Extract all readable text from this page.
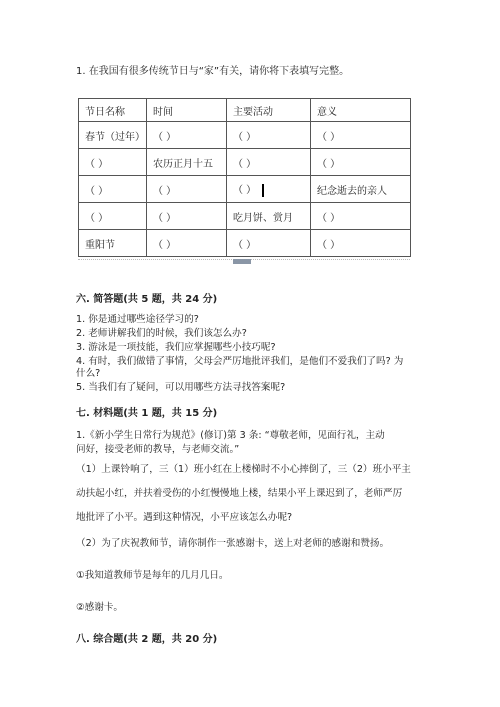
1. 在我国有很多传统节日与“家”有关，请你将下表填写完整。
节日名称	时间	主要活动	意义
春节（过年）	（ ）	（ ）	（ ）
（ ）	农历正月十五	（ ）	（ ）
（ ）	（ ）	（ ）	纪念逝去的亲人
（ ）	（ ）	吃月饼、赏月	（ ）
重阳节	（ ）	（ ）	（ ）
六. 简答题(共 5 题，共 24 分)
1. 你是通过哪些途径学习的?
2. 老师讲解我们的时候，我们该怎么办?
3. 游泳是一项技能，我们应掌握哪些小技巧呢?
4. 有时，我们做错了事情，父母会严厉地批评我们，是他们不爱我们了吗? 为
什么?
5. 当我们有了疑问，可以用哪些方法寻找答案呢?
七. 材料题(共 1 题，共 15 分)
1.《新小学生日常行为规范》(修订)第 3 条: “尊敬老师，见面行礼，主动
问好，接受老师的教导，与老师交流。”
（1）上课铃响了，三（1）班小红在上楼梯时不小心摔倒了，三（2）班小平主
动扶起小红，并扶着受伤的小红慢慢地上楼，结果小平上课迟到了，老师严厉
地批评了小平。遇到这种情况，小平应该怎么办呢?
（2）为了庆祝教师节，请你制作一张感谢卡，送上对老师的感谢和赞扬。
①我知道教师节是每年的几月几日。
②感谢卡。
八. 综合题(共 2 题，共 20 分)
